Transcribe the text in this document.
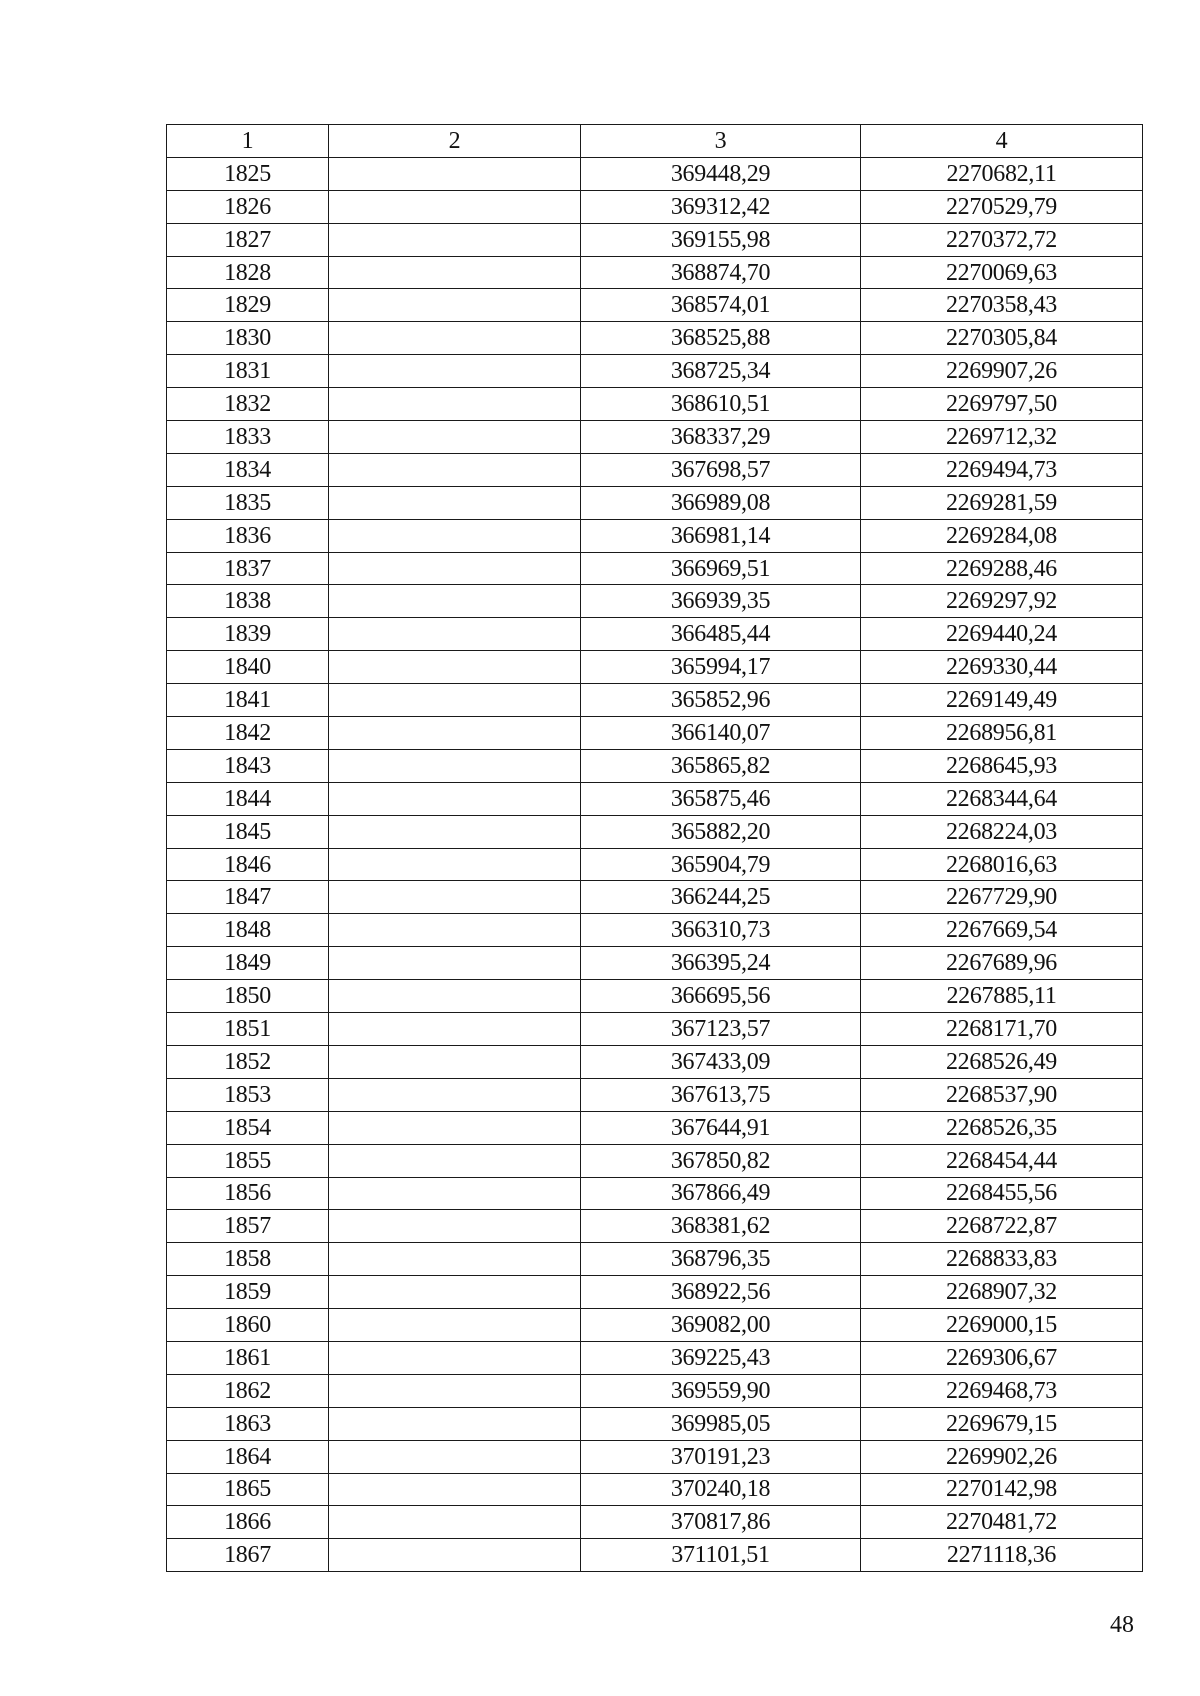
1	2	3	4
1825		369448,29	2270682,11
1826		369312,42	2270529,79
1827		369155,98	2270372,72
1828		368874,70	2270069,63
1829		368574,01	2270358,43
1830		368525,88	2270305,84
1831		368725,34	2269907,26
1832		368610,51	2269797,50
1833		368337,29	2269712,32
1834		367698,57	2269494,73
1835		366989,08	2269281,59
1836		366981,14	2269284,08
1837		366969,51	2269288,46
1838		366939,35	2269297,92
1839		366485,44	2269440,24
1840		365994,17	2269330,44
1841		365852,96	2269149,49
1842		366140,07	2268956,81
1843		365865,82	2268645,93
1844		365875,46	2268344,64
1845		365882,20	2268224,03
1846		365904,79	2268016,63
1847		366244,25	2267729,90
1848		366310,73	2267669,54
1849		366395,24	2267689,96
1850		366695,56	2267885,11
1851		367123,57	2268171,70
1852		367433,09	2268526,49
1853		367613,75	2268537,90
1854		367644,91	2268526,35
1855		367850,82	2268454,44
1856		367866,49	2268455,56
1857		368381,62	2268722,87
1858		368796,35	2268833,83
1859		368922,56	2268907,32
1860		369082,00	2269000,15
1861		369225,43	2269306,67
1862		369559,90	2269468,73
1863		369985,05	2269679,15
1864		370191,23	2269902,26
1865		370240,18	2270142,98
1866		370817,86	2270481,72
1867		371101,51	2271118,36
48
